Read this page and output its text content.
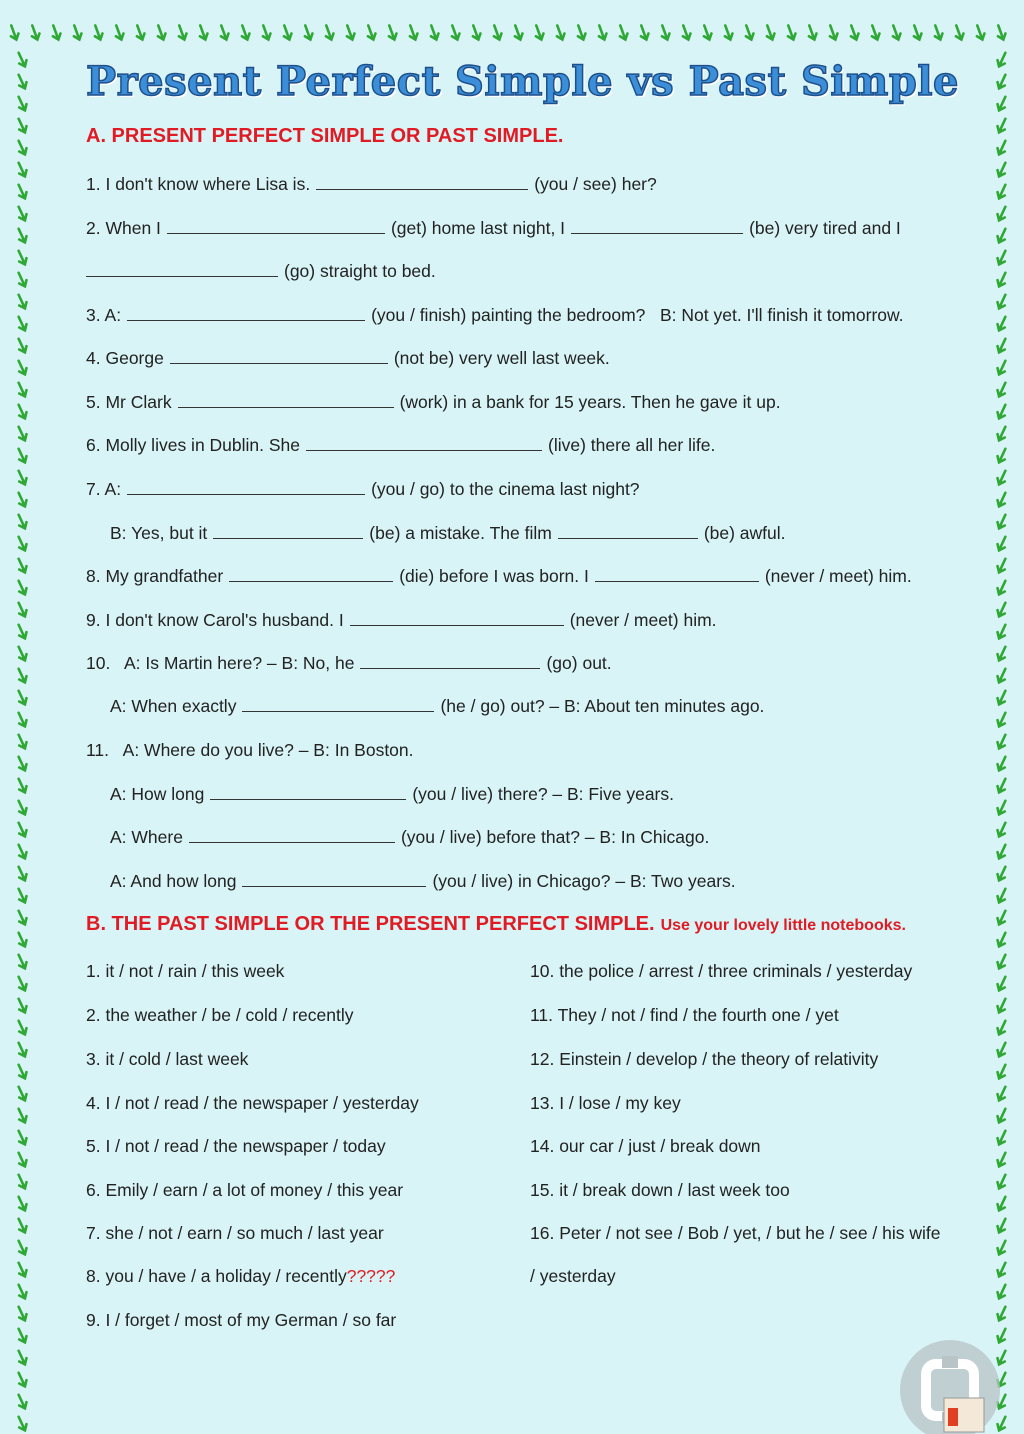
Present Perfect Simple vs Past Simple
A. PRESENT PERFECT SIMPLE OR PAST SIMPLE.
1. I don't know where Lisa is.	(you / see) her?
2. When I	(get) home last night, I	(be) very tired and I
(go) straight to bed.
3. A:	(you / finish) painting the bedroom? B: Not yet. I'll finish it tomorrow.
4. George	(not be) very well last week.
5. Mr Clark	(work) in a bank for 15 years. Then he gave it up.
6. Molly lives in Dublin. She	(live) there all her life.
7. A:	(you / go) to the cinema last night?
B: Yes, but it	(be) a mistake. The film	(be) awful.
8. My grandfather	(die) before I was born. I	(never / meet) him.
9. I don't know Carol's husband. I	(never / meet) him.
10. A: Is Martin here? – B: No, he	(go) out.
A: When exactly	(he / go) out? – B: About ten minutes ago.
11. A: Where do you live? – B: In Boston.
A: How long	(you / live) there? – B: Five years.
A: Where	(you / live) before that? – B: In Chicago.
A: And how long	(you / live) in Chicago? – B: Two years.
B. THE PAST SIMPLE OR THE PRESENT PERFECT SIMPLE. Use your lovely little notebooks.
1. it / not / rain / this week
2. the weather / be / cold / recently
3. it / cold / last week
4. I / not / read / the newspaper / yesterday
5. I / not / read / the newspaper / today
6. Emily / earn / a lot of money / this year
7. she / not / earn / so much / last year
8. you / have / a holiday / recently?????
9. I / forget / most of my German / so far
10. the police / arrest / three criminals / yesterday
11. They / not / find / the fourth one / yet
12. Einstein / develop / the theory of relativity
13. I / lose / my key
14. our car / just / break down
15. it / break down / last week too
16. Peter / not see / Bob / yet, / but he / see / his wife
/ yesterday
